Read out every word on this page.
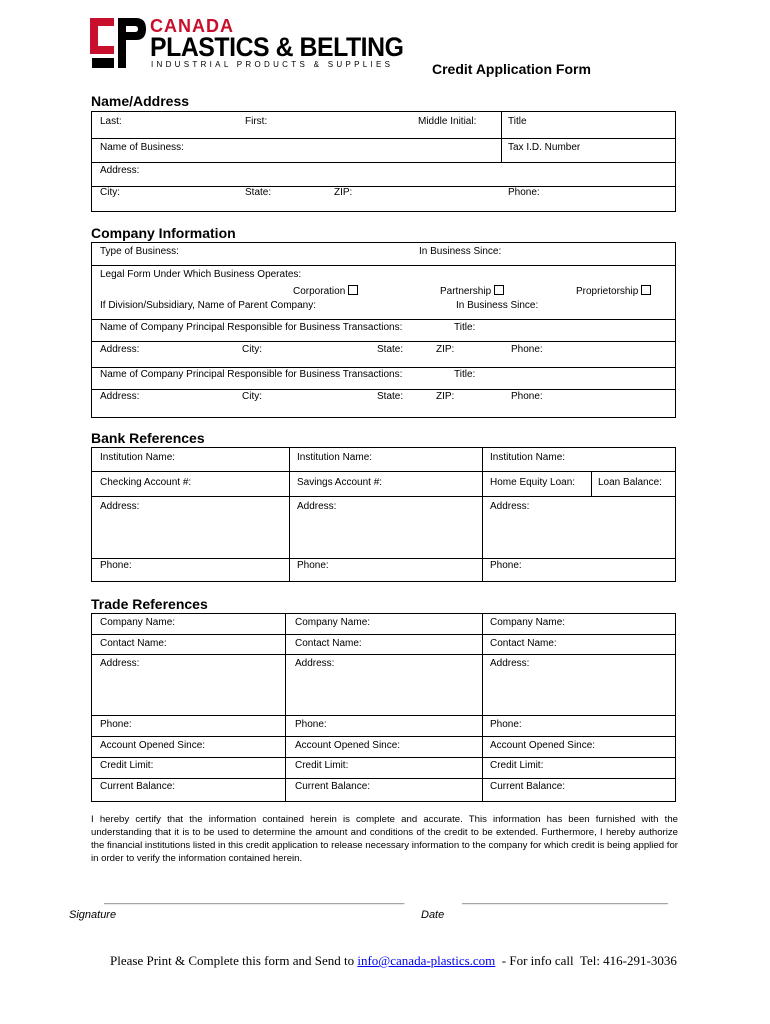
CANADA
PLASTICS & BELTING
INDUSTRIAL PRODUCTS & SUPPLIES	Credit Application Form
Name/Address
Last:	First:	Middle Initial:	Title
Name of Business:	Tax I.D. Number
Address:
City:	State:	ZIP:	Phone:
Company Information
Type of Business:	In Business Since:
Legal Form Under Which Business Operates:
Corporation	Partnership	Proprietorship
If Division/Subsidiary, Name of Parent Company:	In Business Since:
Name of Company Principal Responsible for Business Transactions:	Title:
Address:	City:	State:	ZIP:	Phone:
Name of Company Principal Responsible for Business Transactions:	Title:
Address:	City:	State:	ZIP:	Phone:
Bank References
Institution Name:	Institution Name:	Institution Name:
Checking Account #:	Savings Account #:	Home Equity Loan: Loan Balance:
Address:	Address:	Address:
Phone:	Phone:	Phone:
Trade References
Company Name:	Company Name:	Company Name:
Contact Name:	Contact Name:	Contact Name:
Address:	Address:	Address:
Phone:	Phone:	Phone:
Account Opened Since:	Account Opened Since:	Account Opened Since:
Credit Limit:	Credit Limit:	Credit Limit:
Current Balance:	Current Balance:	Current Balance:
I hereby certify that the information contained herein is complete and accurate. This information has been furnished with the understanding that it is to be used to determine the amount and conditions of the credit to be extended. Furthermore, I hereby authorize the financial institutions listed in this credit application to release necessary information to the company for which credit is being applied for in order to verify the information contained herein.
______________________________________________________	_____________________________________
Signature	Date
Please Print & Complete this form and Send to info@canada-plastics.com  - For info call  Tel: 416-291-3036
